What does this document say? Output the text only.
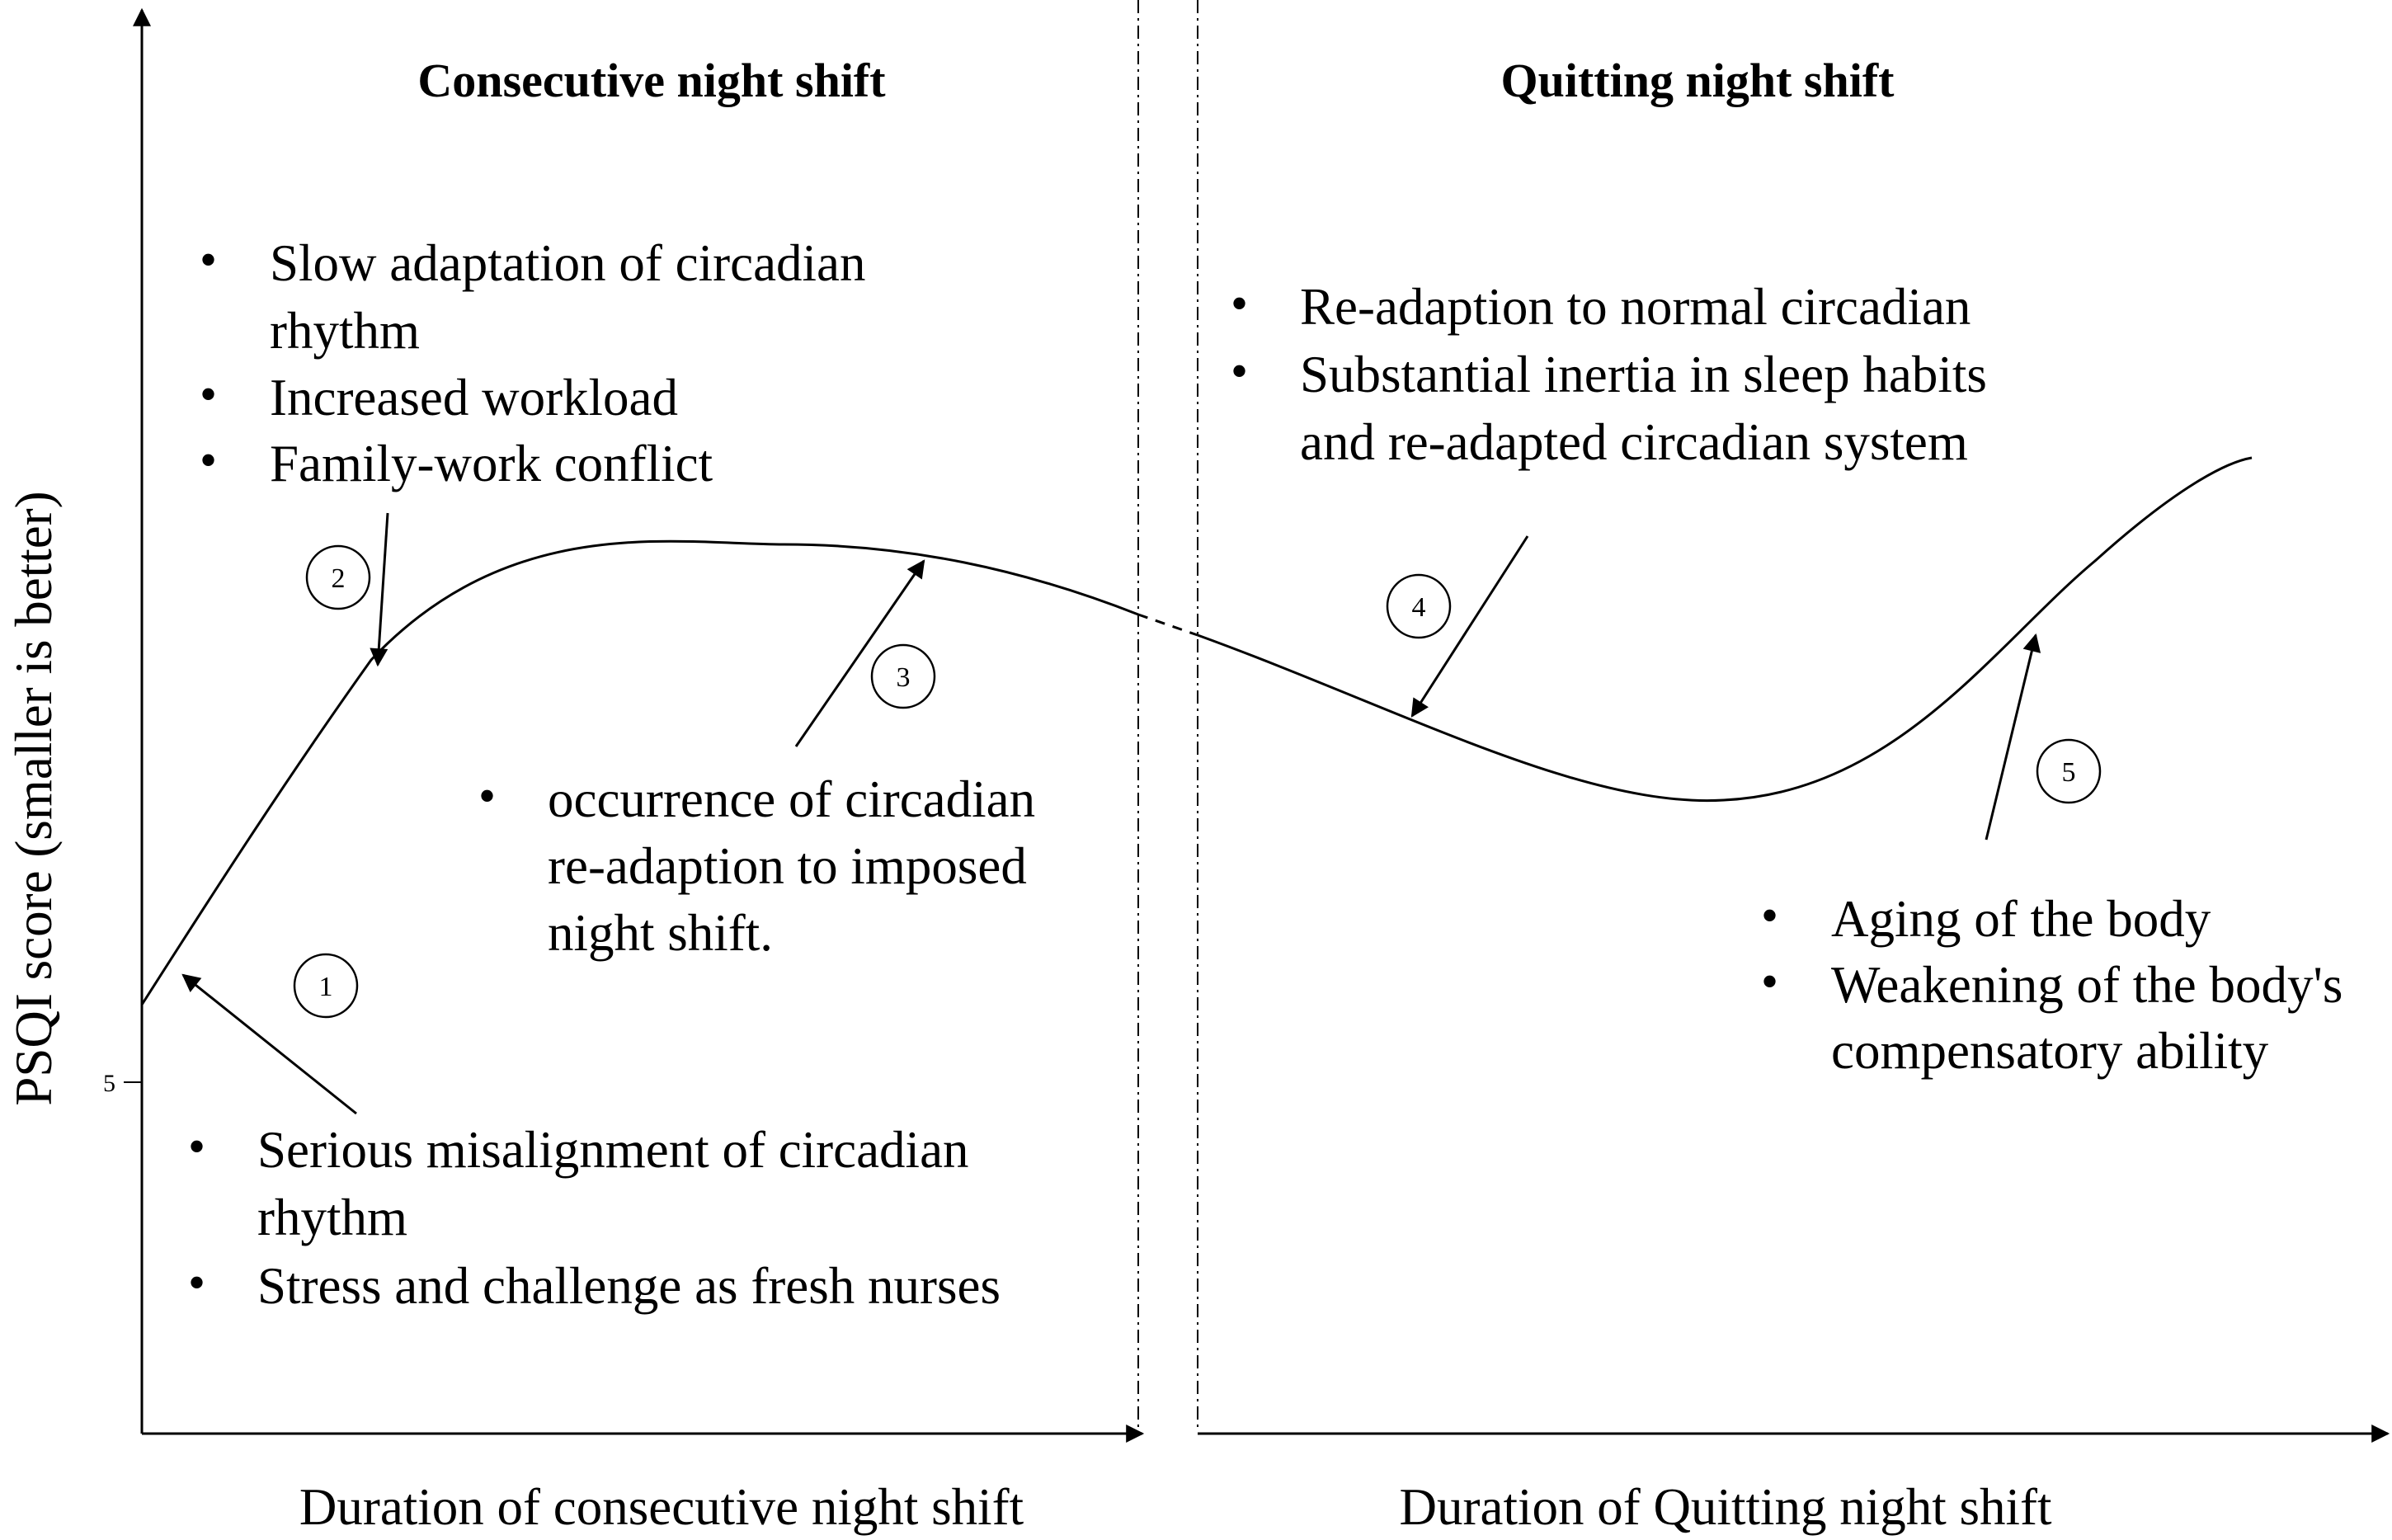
5
PSQI score (smaller is better)
Consecutive night shift	Quitting night shift
Duration of consecutive night shift	Duration of Quitting night shift
1
2
3
4
5
• Serious misalignment of circadian
rhythm
• Stress and challenge as fresh nurses
• Slow adaptation of circadian
rhythm
• Increased workload
• Family-work conflict
• occurrence of circadian
re-adaption to imposed
night shift.
• Re-adaption to normal circadian
• Substantial inertia in sleep habits
and re-adapted circadian system
• Aging of the body
• Weakening of the body's
compensatory ability
